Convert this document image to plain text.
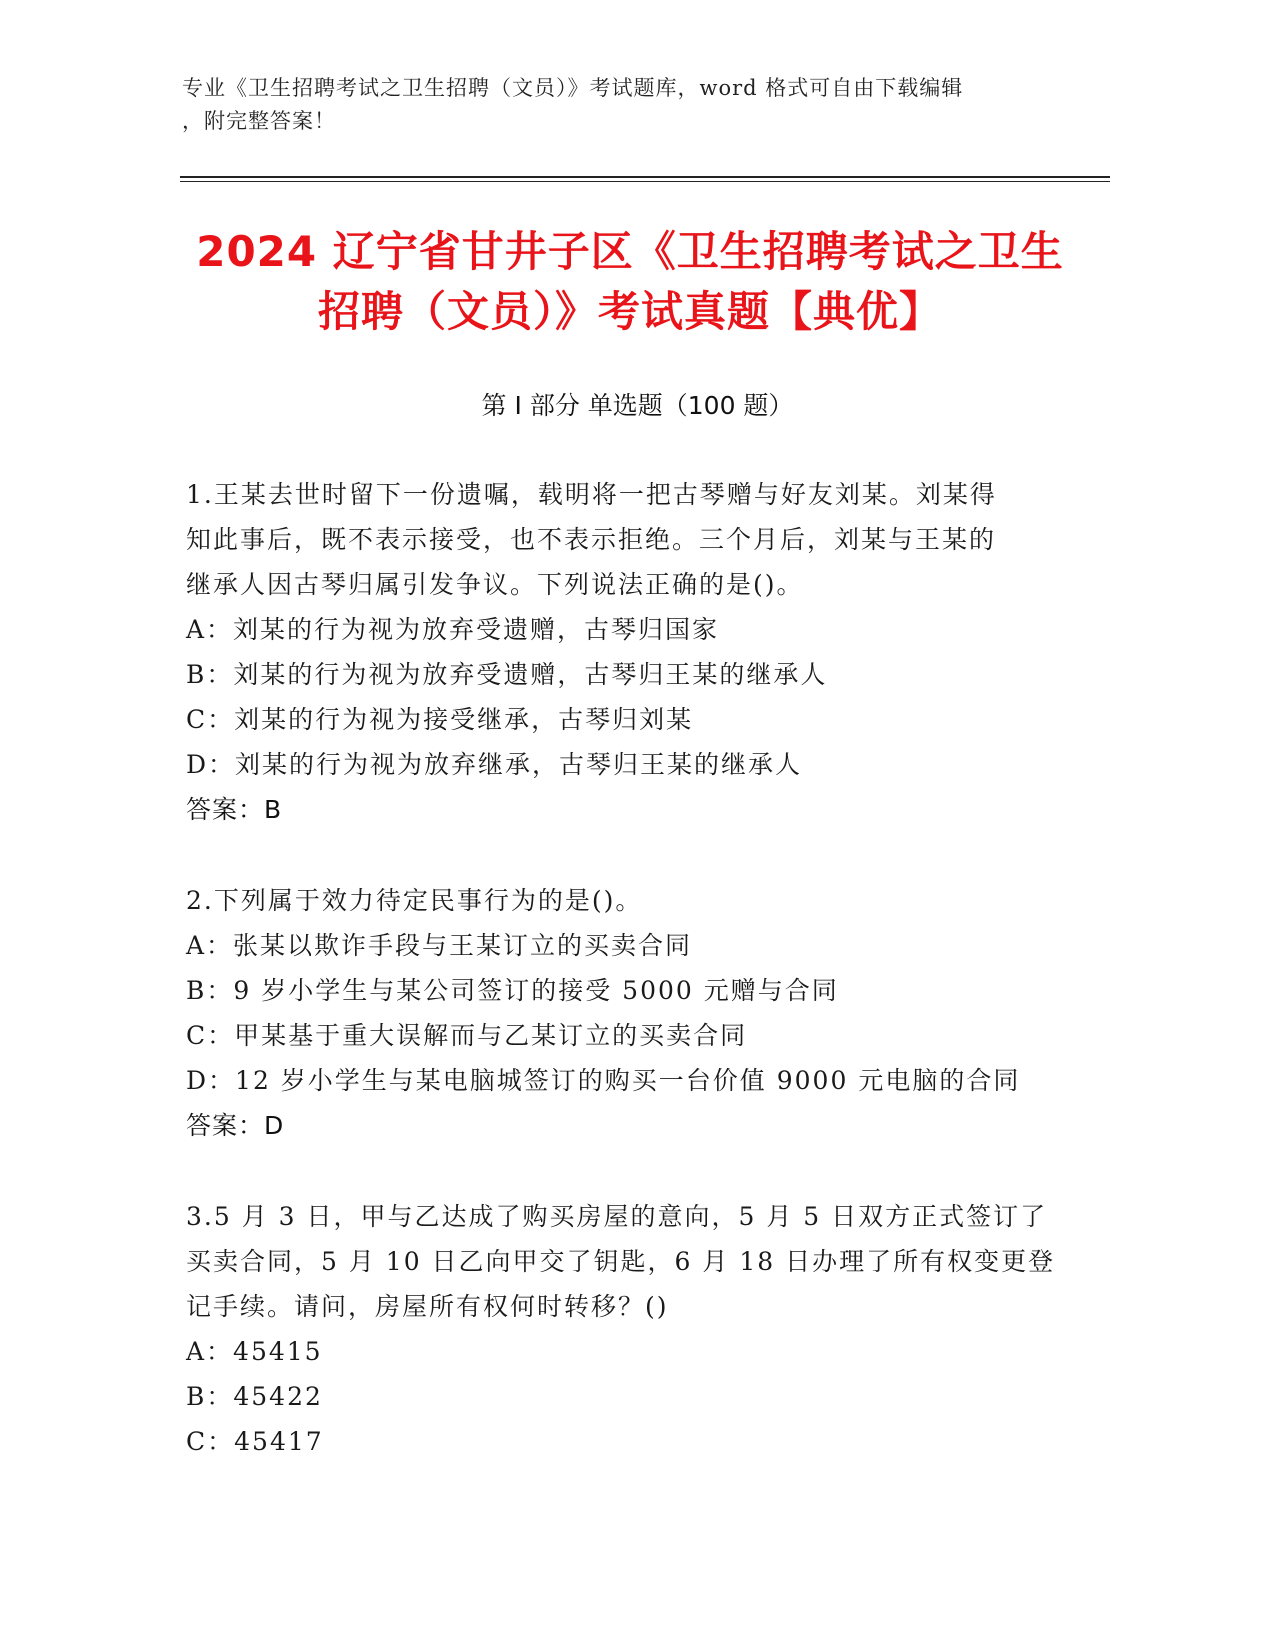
专业《卫生招聘考试之卫生招聘（文员）》考试题库，word 格式可自由下载编辑
，附完整答案！
2024 辽宁省甘井子区《卫生招聘考试之卫生
招聘（文员）》考试真题【典优】
第 I 部分 单选题（100 题）
1.王某去世时留下一份遗嘱，载明将一把古琴赠与好友刘某。刘某得
知此事后，既不表示接受，也不表示拒绝。三个月后，刘某与王某的
继承人因古琴归属引发争议。下列说法正确的是()。
A：刘某的行为视为放弃受遗赠，古琴归国家
B：刘某的行为视为放弃受遗赠，古琴归王某的继承人
C：刘某的行为视为接受继承，古琴归刘某
D：刘某的行为视为放弃继承，古琴归王某的继承人
答案：B
2.下列属于效力待定民事行为的是()。
A：张某以欺诈手段与王某订立的买卖合同
B：9 岁小学生与某公司签订的接受 5000 元赠与合同
C：甲某基于重大误解而与乙某订立的买卖合同
D：12 岁小学生与某电脑城签订的购买一台价值 9000 元电脑的合同
答案：D
3.5 月 3 日，甲与乙达成了购买房屋的意向，5 月 5 日双方正式签订了
买卖合同，5 月 10 日乙向甲交了钥匙，6 月 18 日办理了所有权变更登
记手续。请问，房屋所有权何时转移？()
A：45415
B：45422
C：45417
